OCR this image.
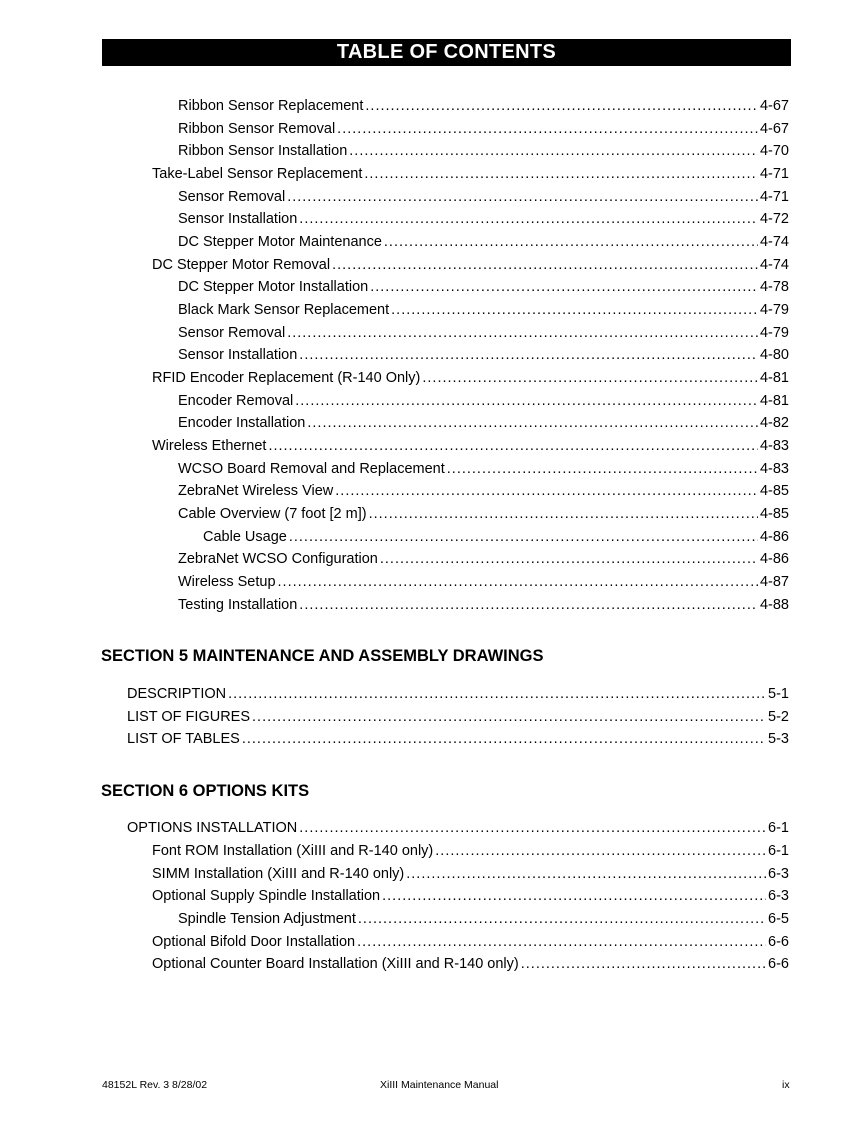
TABLE OF CONTENTS
Ribbon Sensor Replacement .....	4-67
Ribbon Sensor Removal .....	4-67
Ribbon Sensor Installation .....	4-70
Take-Label Sensor Replacement .....	4-71
Sensor Removal .....	4-71
Sensor Installation .....	4-72
DC Stepper Motor Maintenance .....	4-74
DC Stepper Motor Removal .....	4-74
DC Stepper Motor Installation .....	4-78
Black Mark Sensor Replacement .....	4-79
Sensor Removal .....	4-79
Sensor Installation .....	4-80
RFID Encoder Replacement (R-140 Only) .....	4-81
Encoder Removal .....	4-81
Encoder Installation .....	4-82
Wireless Ethernet .....	4-83
WCSO Board Removal and Replacement .....	4-83
ZebraNet Wireless View .....	4-85
Cable Overview (7 foot [2 m]) .....	4-85
Cable Usage .....	4-86
ZebraNet WCSO Configuration .....	4-86
Wireless Setup .....	4-87
Testing Installation .....	4-88
SECTION 5 MAINTENANCE AND ASSEMBLY DRAWINGS
DESCRIPTION .....	5-1
LIST OF FIGURES .....	5-2
LIST OF TABLES .....	5-3
SECTION 6 OPTIONS KITS
OPTIONS INSTALLATION .....	6-1
Font ROM Installation (XiIII and R-140 only) .....	6-1
SIMM Installation (XiIII and R-140 only) .....	6-3
Optional Supply Spindle Installation .....	6-3
Spindle Tension Adjustment .....	6-5
Optional Bifold Door Installation .....	6-6
Optional Counter Board Installation (XiIII and R-140 only) .....	6-6
48152L Rev. 3 8/28/02	XiIII Maintenance Manual	ix
